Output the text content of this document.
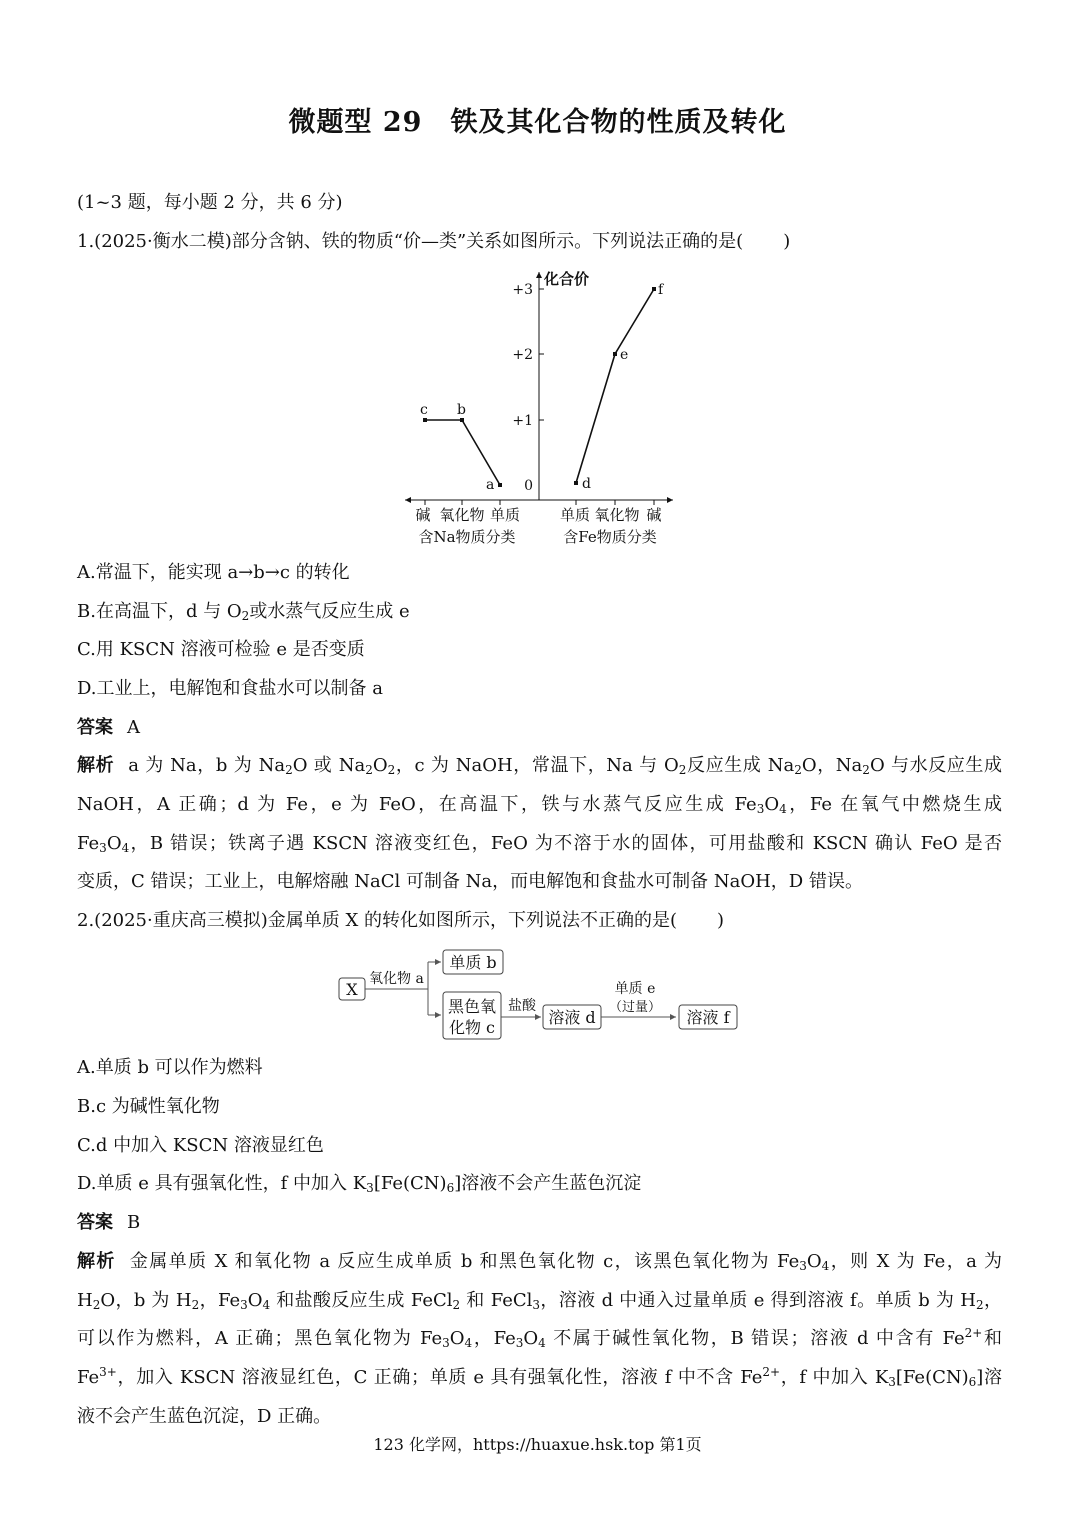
微题型 29　铁及其化合物的性质及转化
(1~3 题，每小题 2 分，共 6 分)
1.(2025·衡水二模)部分含钠、铁的物质“价—类”关系如图所示。下列说法正确的是( )
化合价
+3
+2
+1
0
c b
a	d
e
f
碱 氧化物 单质
含Na物质分类
单质 氧化物 碱
含Fe物质分类
A.常温下，能实现 a→b→c 的转化
B.在高温下，d 与 $O_2$或水蒸气反应生成 e
C.用 KSCN 溶液可检验 e 是否变质
D.工业上，电解饱和食盐水可以制备 a
答案 A
解析 a 为 Na，b 为 $Na_2O$ 或 $Na_2O_2$，c 为 NaOH，常温下，Na 与 $O_2$反应生成 $Na_2O$，$Na_2O$ 与水反应生成
NaOH，A 正确；d 为 Fe，e 为 FeO，在高温下，铁与水蒸气反应生成 $Fe_3O_4$，Fe 在氧气中燃烧生成
$Fe_3O_4$，B 错误；铁离子遇 KSCN 溶液变红色，FeO 为不溶于水的固体，可用盐酸和 KSCN 确认 FeO 是否
变质，C 错误；工业上，电解熔融 NaCl 可制备 Na，而电解饱和食盐水可制备 NaOH，D 错误。
2.(2025·重庆高三模拟)金属单质 X 的转化如图所示，下列说法不正确的是( )
X
氧化物 a
单质 b
黑色氧
化物 c
盐酸
溶液 d
单质 e
（过量）
溶液 f
A.单质 b 可以作为燃料
B.c 为碱性氧化物
C.d 中加入 KSCN 溶液显红色
D.单质 e 具有强氧化性，f 中加入 $K_3[Fe(CN)_6]$溶液不会产生蓝色沉淀
答案 B
解析 金属单质 X 和氧化物 a 反应生成单质 b 和黑色氧化物 c，该黑色氧化物为 $Fe_3O_4$，则 X 为 Fe，a 为
$H_2O$，b 为 $H_2$，$Fe_3O_4$ 和盐酸反应生成 FeCl$_2$ 和 FeCl$_3$，溶液 d 中通入过量单质 e 得到溶液 f。单质 b 为 $H_2$，
可以作为燃料，A 正确；黑色氧化物为 $Fe_3O_4$，$Fe_3O_4$ 不属于碱性氧化物，B 错误；溶液 d 中含有 $Fe^{2+}$和
$Fe^{3+}$，加入 KSCN 溶液显红色，C 正确；单质 e 具有强氧化性，溶液 f 中不含 $Fe^{2+}$，f 中加入 $K_3[Fe(CN)_6]$溶
液不会产生蓝色沉淀，D 正确。
123 化学网，https://huaxue.hsk.top 第1页
